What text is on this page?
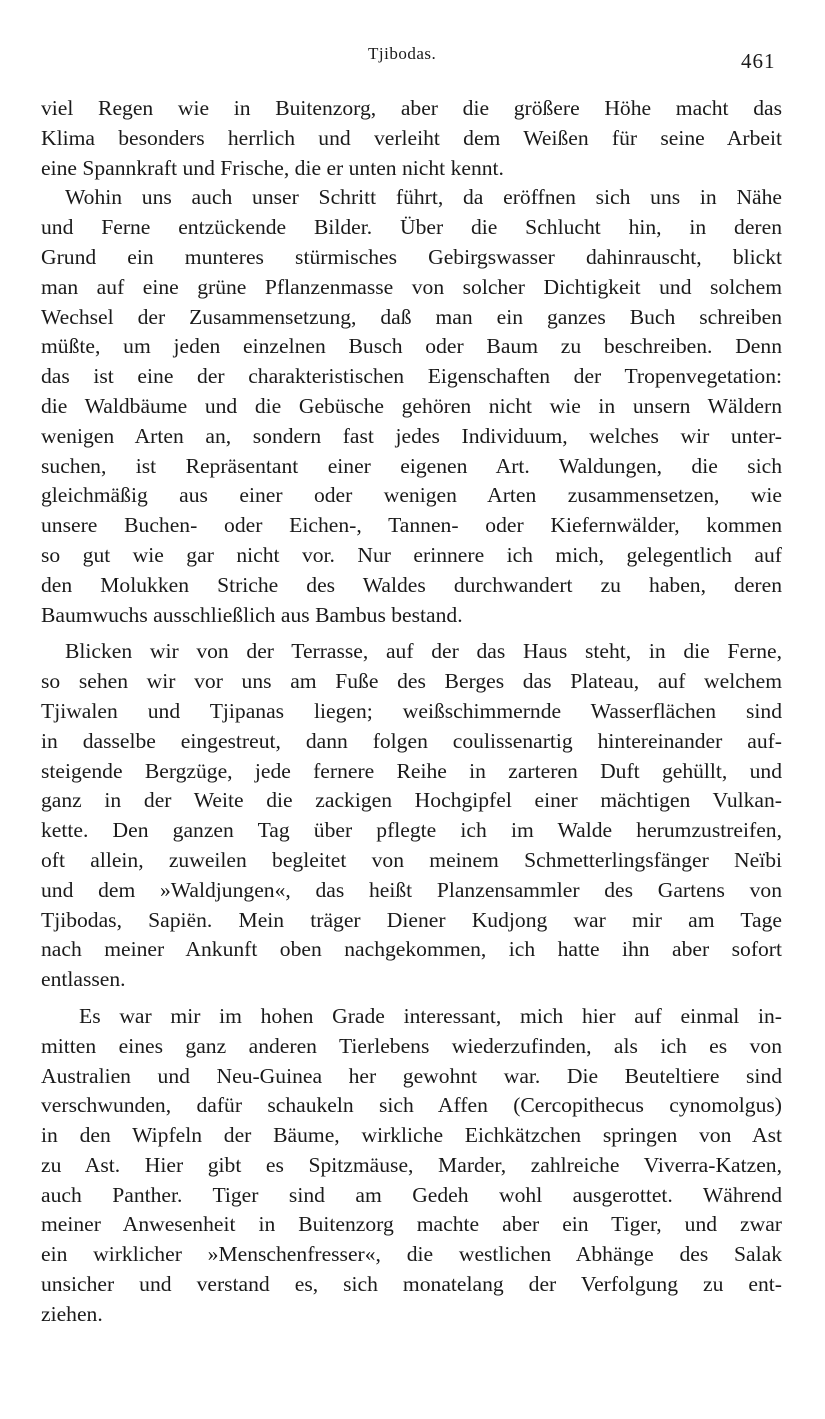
Tjibodas.	461

viel Regen wie in Buitenzorg, aber die größere Höhe macht das
Klima besonders herrlich und verleiht dem Weißen für seine Arbeit
eine Spannkraft und Frische, die er unten nicht kennt.

Wohin uns auch unser Schritt führt, da eröffnen sich uns in Nähe
und Ferne entzückende Bilder. Über die Schlucht hin, in deren
Grund ein munteres stürmisches Gebirgswasser dahinrauscht, blickt
man auf eine grüne Pflanzenmasse von solcher Dichtigkeit und solchem
Wechsel der Zusammensetzung, daß man ein ganzes Buch schreiben
müßte, um jeden einzelnen Busch oder Baum zu beschreiben. Denn
das ist eine der charakteristischen Eigenschaften der Tropenvegetation:
die Waldbäume und die Gebüsche gehören nicht wie in unsern Wäldern
wenigen Arten an, sondern fast jedes Individuum, welches wir unter-
suchen, ist Repräsentant einer eigenen Art. Waldungen, die sich
gleichmäßig aus einer oder wenigen Arten zusammensetzen, wie
unsere Buchen- oder Eichen-, Tannen- oder Kiefernwälder, kommen
so gut wie gar nicht vor. Nur erinnere ich mich, gelegentlich auf
den Molukken Striche des Waldes durchwandert zu haben, deren
Baumwuchs ausschließlich aus Bambus bestand.

Blicken wir von der Terrasse, auf der das Haus steht, in die Ferne,
so sehen wir vor uns am Fuße des Berges das Plateau, auf welchem
Tjiwalen und Tjipanas liegen; weißschimmernde Wasserflächen sind
in dasselbe eingestreut, dann folgen coulissenartig hintereinander auf-
steigende Bergzüge, jede fernere Reihe in zarteren Duft gehüllt, und
ganz in der Weite die zackigen Hochgipfel einer mächtigen Vulkan-
kette. Den ganzen Tag über pflegte ich im Walde herumzustreifen,
oft allein, zuweilen begleitet von meinem Schmetterlingsfänger Neïbi
und dem »Waldjungen«, das heißt Planzensammler des Gartens von
Tjibodas, Sapiën. Mein träger Diener Kudjong war mir am Tage
nach meiner Ankunft oben nachgekommen, ich hatte ihn aber sofort
entlassen.

Es war mir im hohen Grade interessant, mich hier auf einmal in-
mitten eines ganz anderen Tierlebens wiederzufinden, als ich es von
Australien und Neu-Guinea her gewohnt war. Die Beuteltiere sind
verschwunden, dafür schaukeln sich Affen (Cercopithecus cynomolgus)
in den Wipfeln der Bäume, wirkliche Eichkätzchen springen von Ast
zu Ast. Hier gibt es Spitzmäuse, Marder, zahlreiche Viverra-Katzen,
auch Panther. Tiger sind am Gedeh wohl ausgerottet. Während
meiner Anwesenheit in Buitenzorg machte aber ein Tiger, und zwar
ein wirklicher »Menschenfresser«, die westlichen Abhänge des Salak
unsicher und verstand es, sich monatelang der Verfolgung zu ent-
ziehen.
